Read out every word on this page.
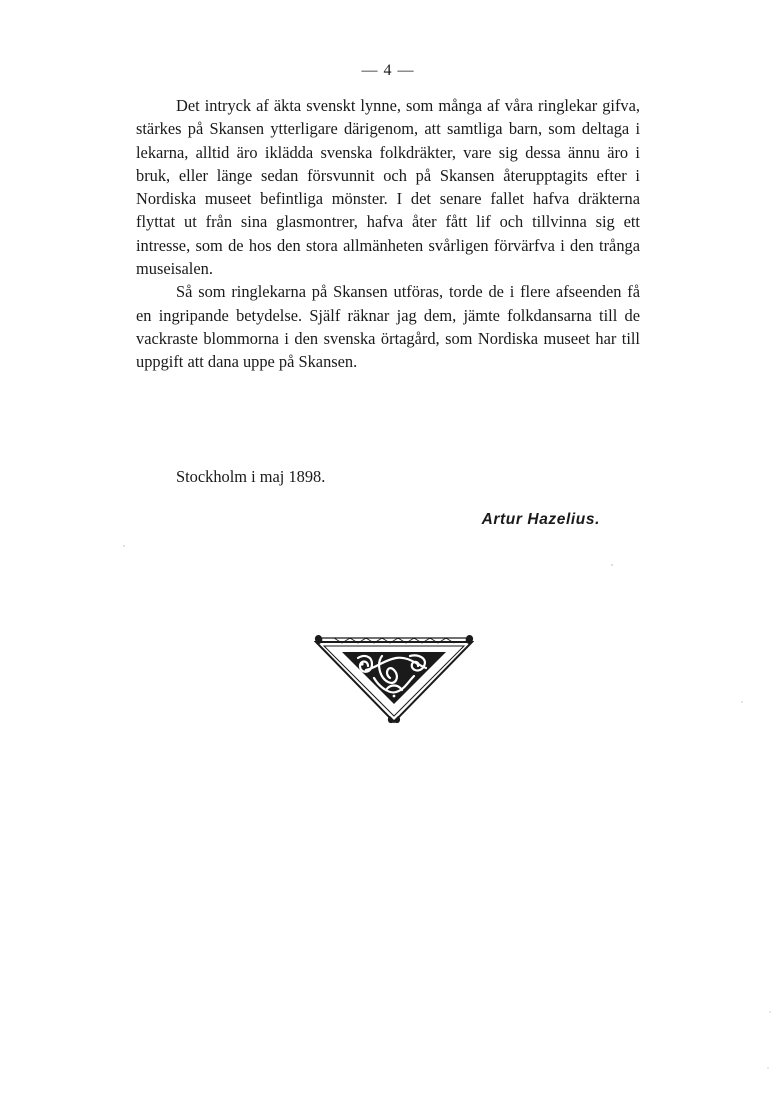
— 4 —

Det intryck af äkta svenskt lynne, som många af våra ringlekar gifva, stärkes på Skansen ytterligare därigenom, att samtliga barn, som deltaga i lekarna, alltid äro iklädda svenska folkdräkter, vare sig dessa ännu äro i bruk, eller länge sedan försvunnit och på Skansen återupptagits efter i Nordiska museet befintliga mönster. I det senare fallet hafva dräkterna flyttat ut från sina glasmontrer, hafva åter fått lif och tillvinna sig ett intresse, som de hos den stora allmänheten svårligen förvärfva i den trånga museisalen.

Så som ringlekarna på Skansen utföras, torde de i flere afseenden få en ingripande betydelse. Själf räknar jag dem, jämte folkdansarna till de vackraste blommorna i den svenska örtagård, som Nordiska museet har till uppgift att dana uppe på Skansen.

Stockholm i maj 1898.
Artur Hazelius.
